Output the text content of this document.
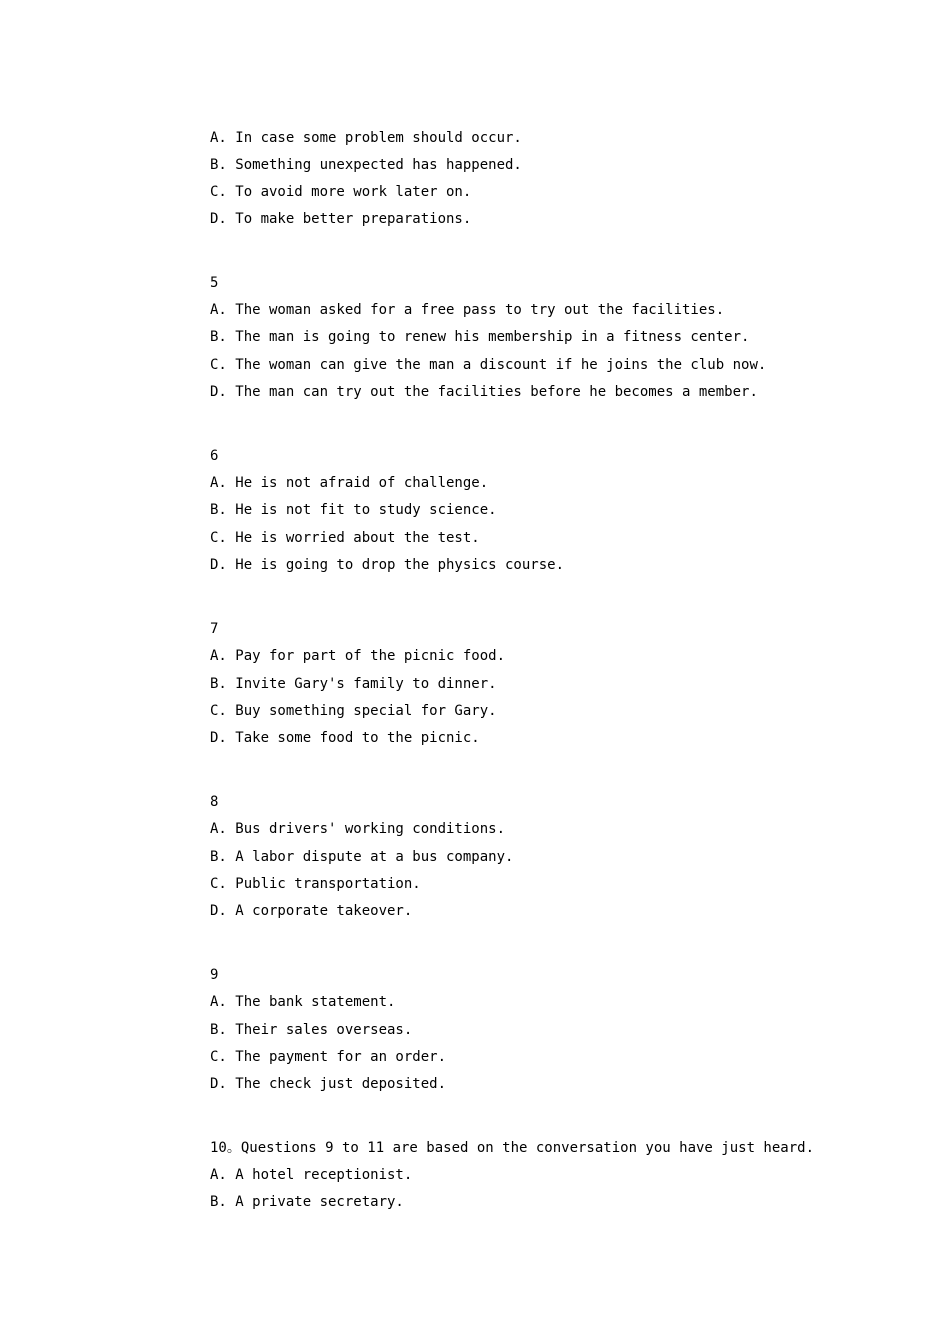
A. In case some problem should occur.
B. Something unexpected has happened.
C. To avoid more work later on.
D. To make better preparations.
5
A. The woman asked for a free pass to try out the facilities.
B. The man is going to renew his membership in a fitness center.
C. The woman can give the man a discount if he joins the club now.
D. The man can try out the facilities before he becomes a member.
6
A. He is not afraid of challenge.
B. He is not fit to study science.
C. He is worried about the test.
D. He is going to drop the physics course.
7
A. Pay for part of the picnic food.
B. Invite Gary's family to dinner.
C. Buy something special for Gary.
D. Take some food to the picnic.
8
A. Bus drivers' working conditions.
B. A labor dispute at a bus company.
C. Public transportation.
D. A corporate takeover.
9
A. The bank statement.
B. Their sales overseas.
C. The payment for an order.
D. The check just deposited.
10。Questions 9 to 11 are based on the conversation you have just heard.
A. A hotel receptionist.
B. A private secretary.
